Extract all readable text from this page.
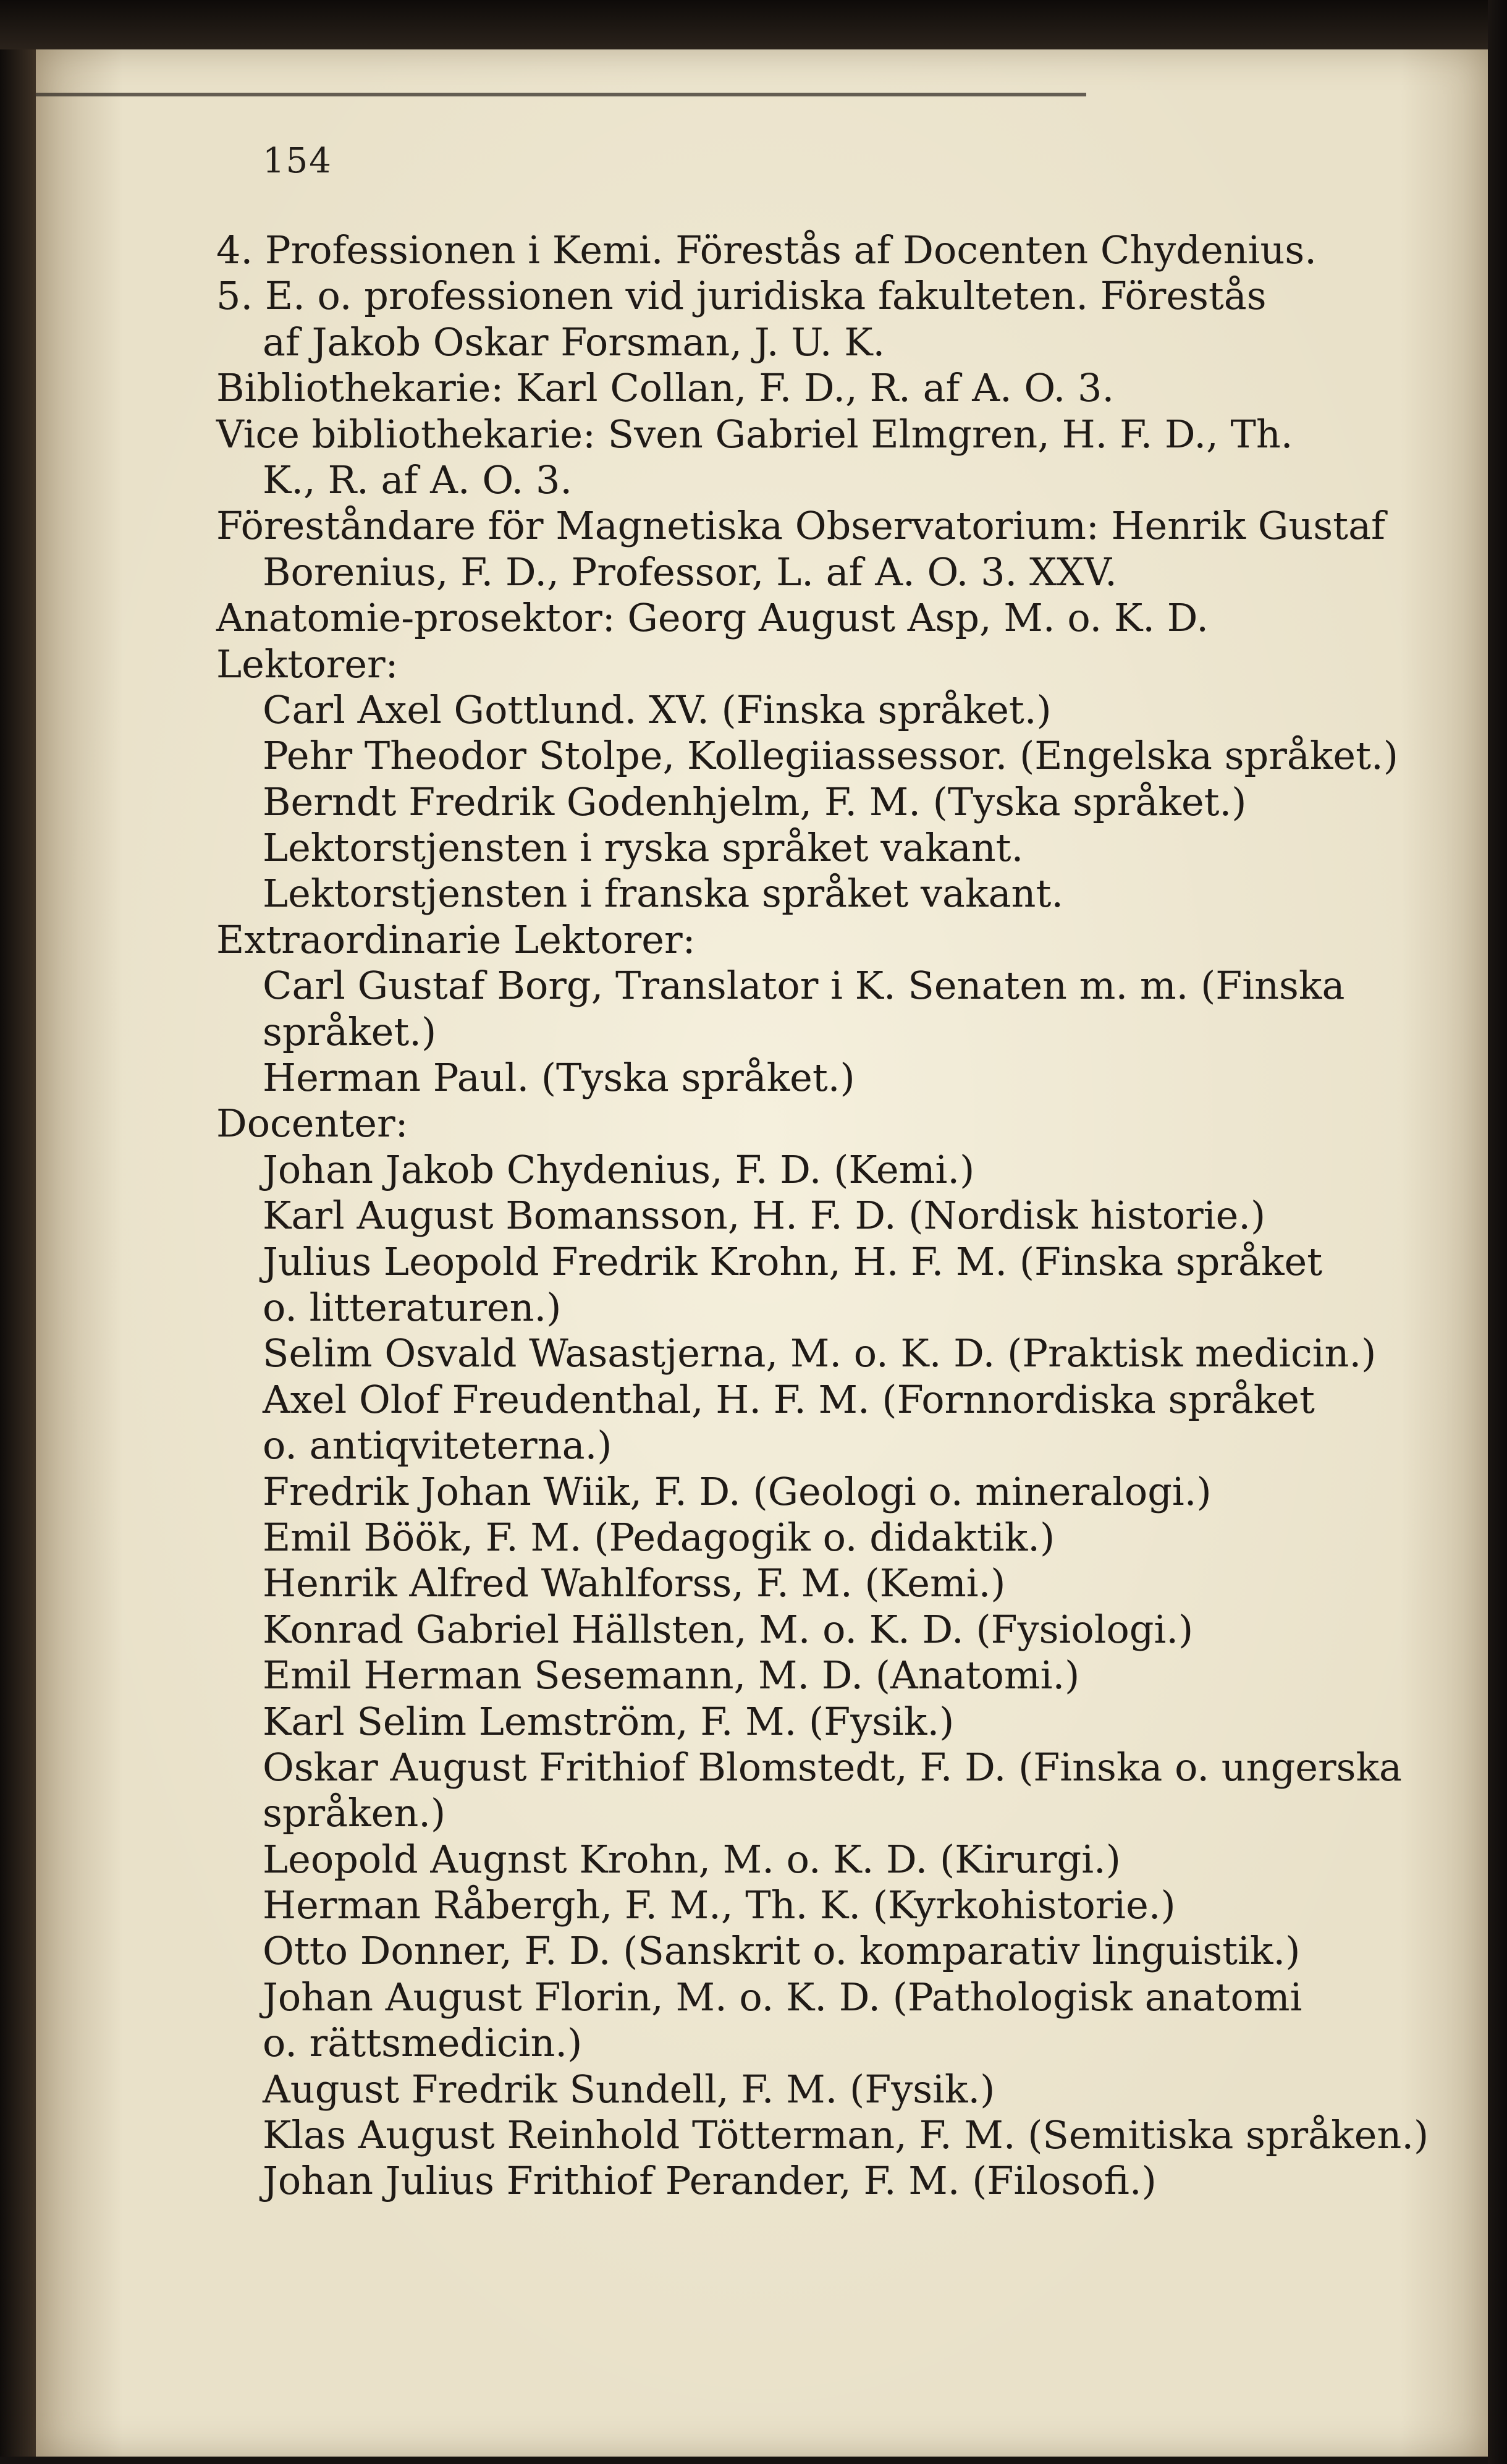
154
4. Professionen i Kemi. Förestås af Docenten Chydenius.
5. E. o. professionen vid juridiska fakulteten. Förestås
af Jakob Oskar Forsman, J. U. K.
Bibliothekarie: Karl Collan, F. D., R. af A. O. 3.
Vice bibliothekarie: Sven Gabriel Elmgren, H. F. D., Th.
K., R. af A. O. 3.
Föreståndare för Magnetiska Observatorium: Henrik Gustaf
Borenius, F. D., Professor, L. af A. O. 3. XXV.
Anatomie-prosektor: Georg August Asp, M. o. K. D.
Lektorer:
Carl Axel Gottlund. XV. (Finska språket.)
Pehr Theodor Stolpe, Kollegiiassessor. (Engelska språket.)
Berndt Fredrik Godenhjelm, F. M. (Tyska språket.)
Lektorstjensten i ryska språket vakant.
Lektorstjensten i franska språket vakant.
Extraordinarie Lektorer:
Carl Gustaf Borg, Translator i K. Senaten m. m. (Finska
språket.)
Herman Paul. (Tyska språket.)
Docenter:
Johan Jakob Chydenius, F. D. (Kemi.)
Karl August Bomansson, H. F. D. (Nordisk historie.)
Julius Leopold Fredrik Krohn, H. F. M. (Finska språket
o. litteraturen.)
Selim Osvald Wasastjerna, M. o. K. D. (Praktisk medicin.)
Axel Olof Freudenthal, H. F. M. (Fornnordiska språket
o. antiqviteterna.)
Fredrik Johan Wiik, F. D. (Geologi o. mineralogi.)
Emil Böök, F. M. (Pedagogik o. didaktik.)
Henrik Alfred Wahlforss, F. M. (Kemi.)
Konrad Gabriel Hällsten, M. o. K. D. (Fysiologi.)
Emil Herman Sesemann, M. D. (Anatomi.)
Karl Selim Lemström, F. M. (Fysik.)
Oskar August Frithiof Blomstedt, F. D. (Finska o. ungerska
språken.)
Leopold Augnst Krohn, M. o. K. D. (Kirurgi.)
Herman Råbergh, F. M., Th. K. (Kyrkohistorie.)
Otto Donner, F. D. (Sanskrit o. komparativ linguistik.)
Johan August Florin, M. o. K. D. (Pathologisk anatomi
o. rättsmedicin.)
August Fredrik Sundell, F. M. (Fysik.)
Klas August Reinhold Tötterman, F. M. (Semitiska språken.)
Johan Julius Frithiof Perander, F. M. (Filosofi.)
